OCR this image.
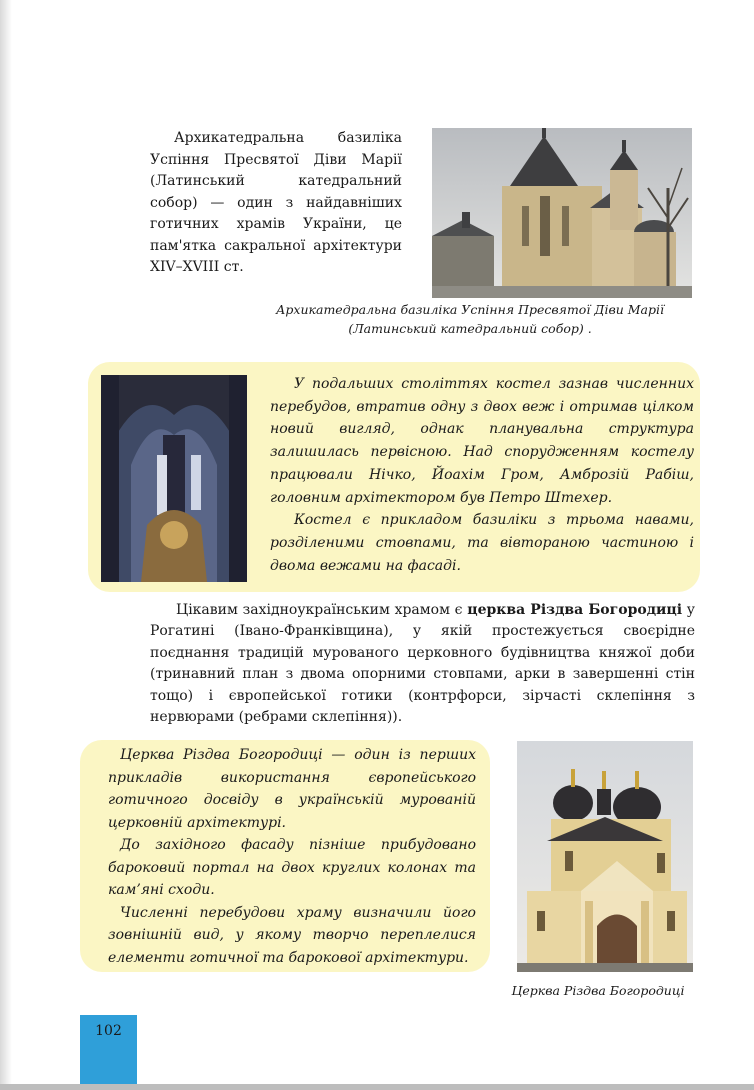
Архикатедральна базиліка Успіння Пресвятої Діви Марії (Латинський катедральний собор) — один з найдавніших готичних храмів України, це пам'ятка сакральної архітектури XIV–XVIII ст.

Архикатедральна базиліка Успіння Пресвятої Діви Марії (Латинський катедральний собор) .

У подальших століттях костел зазнав численних перебудов, втратив одну з двох веж і отримав цілком новий вигляд, однак планувальна структура залишилась первісною. Над спорудженням костелу працювали Нічко, Йоахім Гром, Амброзій Рабіш, головним архітектором був Петро Штехер.

Костел є прикладом базиліки з трьома навами, розділеними стовпами, та вівтораною частиною і двома вежами на фасаді.

Цікавим західноукраїнським храмом є церква Різдва Богородиці у Рогатині (Івано-Франківщина), у якій простежується своєрідне поєднання традицій мурованого церковного будівництва княжої доби (тринавний план з двома опорними стовпами, арки в завершенні стін тощо) і європейської готики (контрфорси, зірчасті склепіння з нервюрами (ребрами склепіння)).

Церква Різдва Богородиці — один із перших прикладів використання європейського готичного досвіду в українській мурованій церковній архітектурі.

До західного фасаду пізніше прибудовано барокoвий портал на двох круглих колонах та кам’яні сходи.

Численні перебудови храму визначили його зовнішній вид, у якому творчо переплелися елементи готичної та барокової архітектури.

Церква Різдва Богородиці
102
